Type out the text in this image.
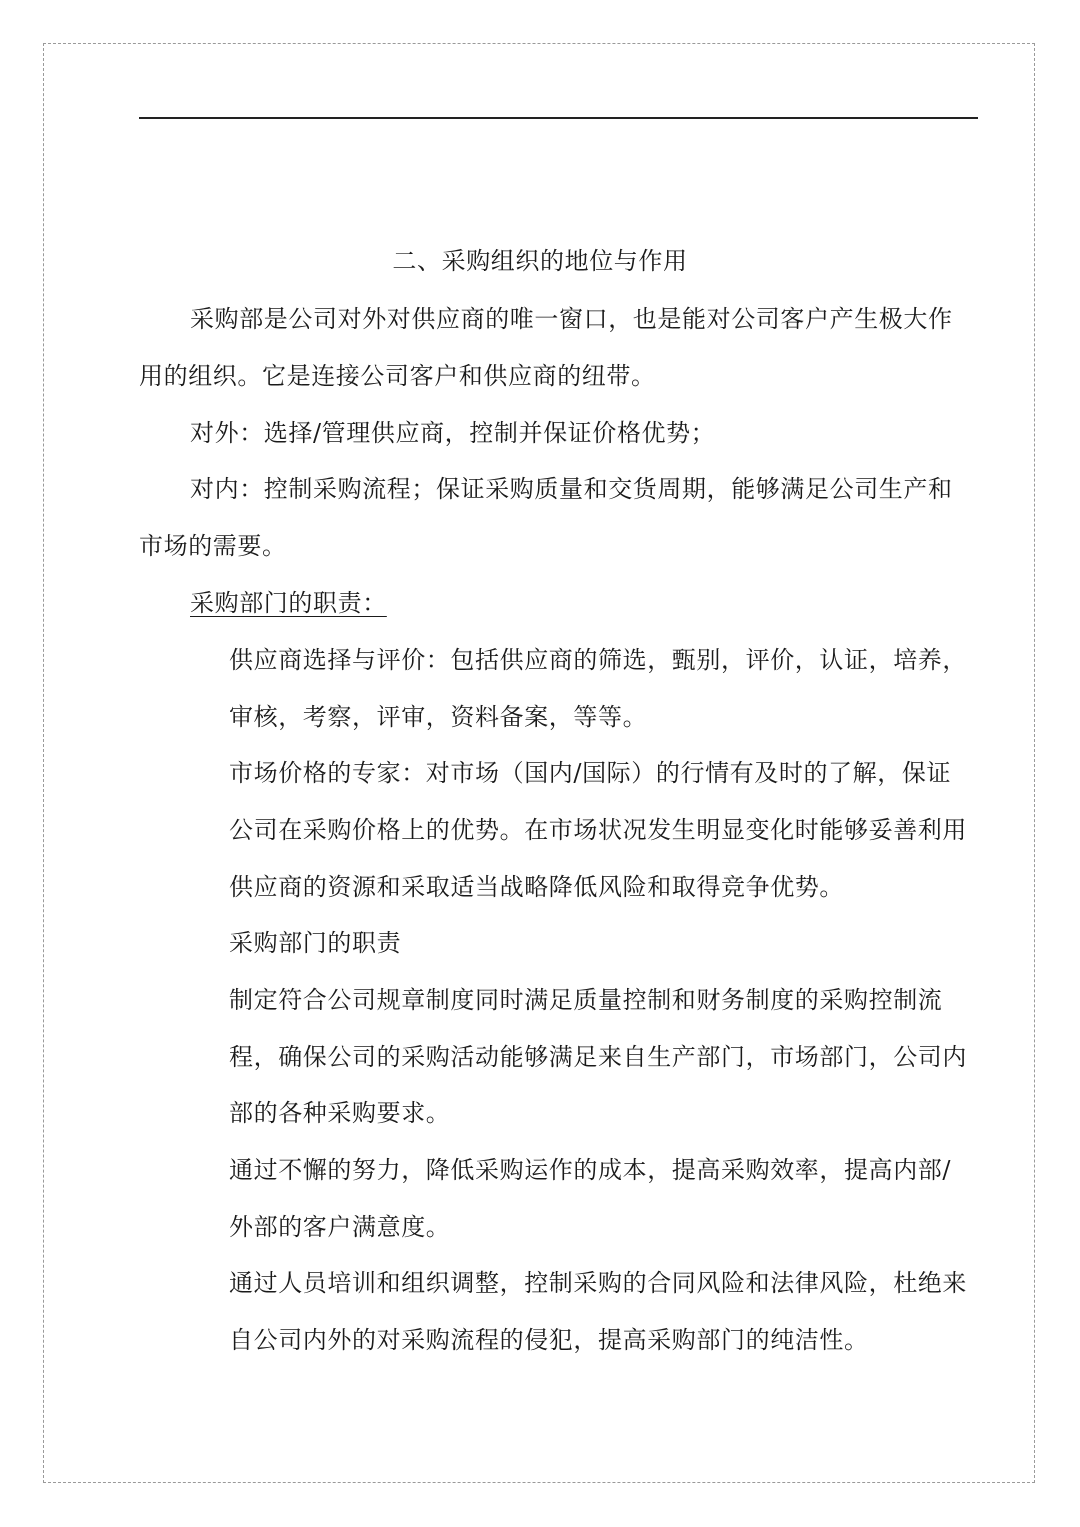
二、采购组织的地位与作用
采购部是公司对外对供应商的唯一窗口，也是能对公司客户产生极大作
用的组织。它是连接公司客户和供应商的纽带。
对外：选择/管理供应商，控制并保证价格优势；
对内：控制采购流程；保证采购质量和交货周期，能够满足公司生产和
市场的需要。
采购部门的职责：
供应商选择与评价：包括供应商的筛选，甄别，评价，认证，培养，
审核，考察，评审，资料备案，等等。
市场价格的专家：对市场（国内/国际）的行情有及时的了解，保证
公司在采购价格上的优势。在市场状况发生明显变化时能够妥善利用
供应商的资源和采取适当战略降低风险和取得竞争优势。
采购部门的职责
制定符合公司规章制度同时满足质量控制和财务制度的采购控制流
程，确保公司的采购活动能够满足来自生产部门，市场部门，公司内
部的各种采购要求。
通过不懈的努力，降低采购运作的成本，提高采购效率，提高内部/
外部的客户满意度。
通过人员培训和组织调整，控制采购的合同风险和法律风险，杜绝来
自公司内外的对采购流程的侵犯，提高采购部门的纯洁性。
